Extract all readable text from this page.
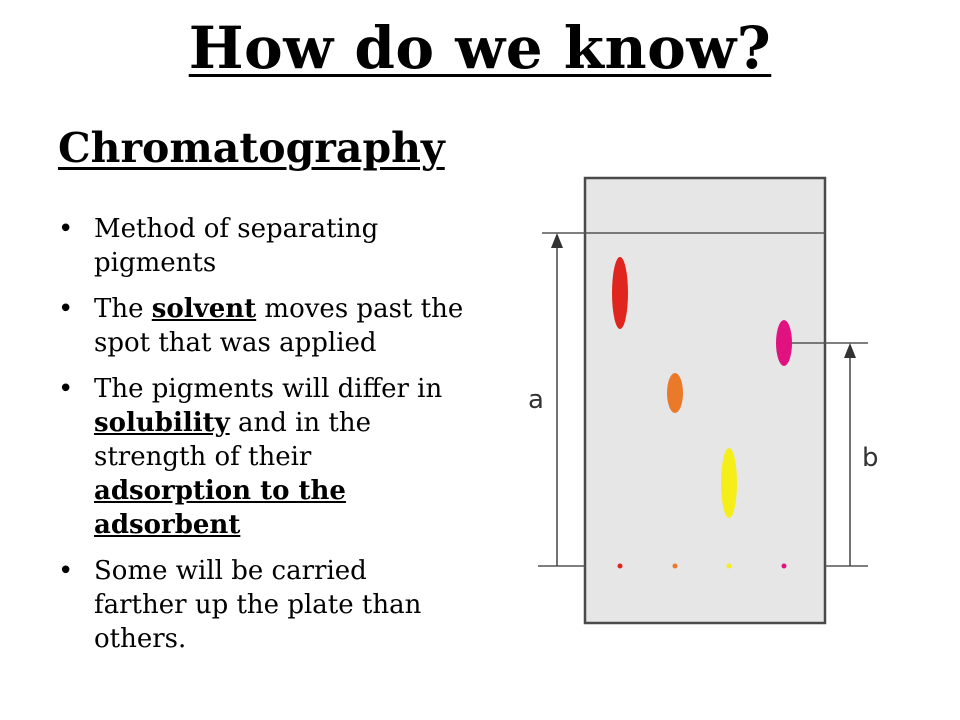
How do we know?
Chromatography
• Method of separating pigments
• The solvent moves past the spot that was applied
• The pigments will differ in solubility and in the strength of their adsorption to the adsorbent
• Some will be carried farther up the plate than others.
a
b
